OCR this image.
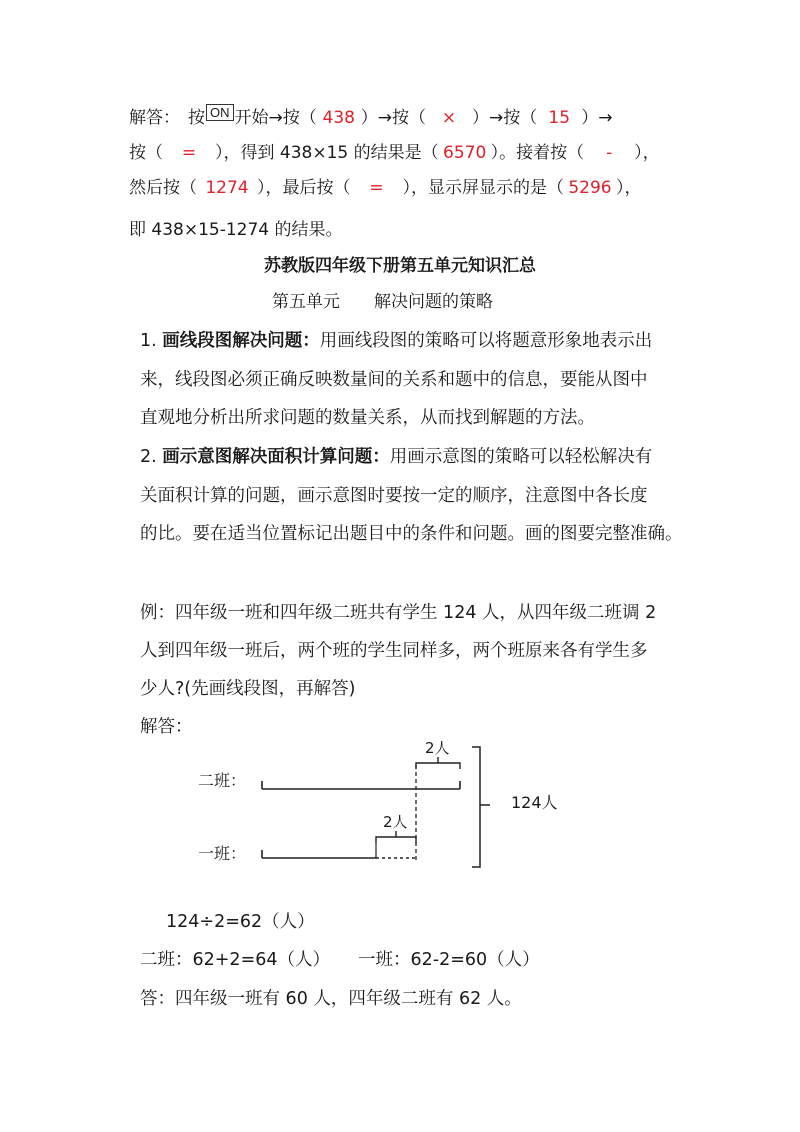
解答： 按 ON 开始→按（ 438 ）→按（ × ）→按（ 15 ）→
按（ = ），得到 438×15 的结果是（ 6570 ）。接着按（ - ），
然后按（ 1274 ），最后按（ = ），显示屏显示的是（ 5296 ），
即 438×15-1274 的结果。
苏教版四年级下册第五单元知识汇总
第五单元 解决问题的策略
1. 画线段图解决问题：用画线段图的策略可以将题意形象地表示出
来，线段图必须正确反映数量间的关系和题中的信息，要能从图中
直观地分析出所求问题的数量关系，从而找到解题的方法。
2. 画示意图解决面积计算问题：用画示意图的策略可以轻松解决有
关面积计算的问题，画示意图时要按一定的顺序，注意图中各长度
的比。要在适当位置标记出题目中的条件和问题。画的图要完整准确。
例：四年级一班和四年级二班共有学生 124 人，从四年级二班调 2
人到四年级一班后，两个班的学生同样多，两个班原来各有学生多
少人?(先画线段图，再解答)
解答：
二班：
一班：
2人
2人
124人
124÷2=62（人）
二班：62+2=64（人） 一班：62-2=60（人）
答：四年级一班有 60 人，四年级二班有 62 人。
